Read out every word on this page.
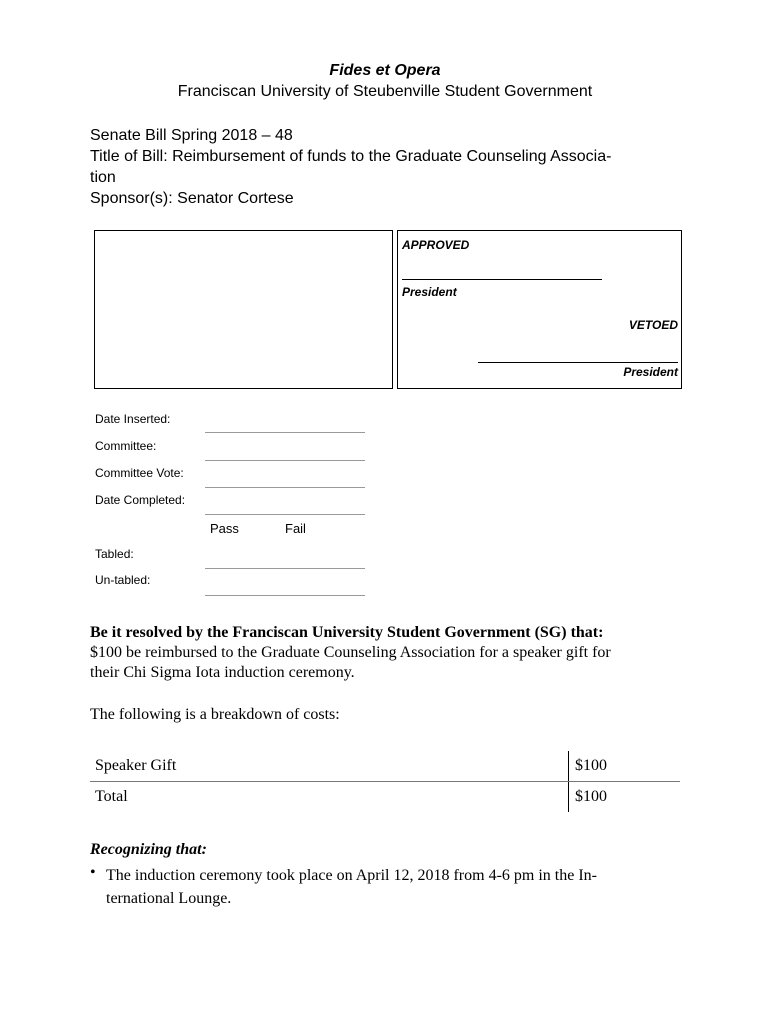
Fides et Opera
Franciscan University of Steubenville Student Government
Senate Bill Spring 2018 – 48
Title of Bill: Reimbursement of funds to the Graduate Counseling Associa-
tion
Sponsor(s): Senator Cortese
APPROVED
President
VETOED
President
Date Inserted:
Committee:
Committee Vote:
Date Completed:
Pass	Fail
Tabled:
Un-tabled:
Be it resolved by the Franciscan University Student Government (SG) that:
$100 be reimbursed to the Graduate Counseling Association for a speaker gift for
their Chi Sigma Iota induction ceremony.
The following is a breakdown of costs:
Speaker Gift	$100
Total	$100
Recognizing that:
• The induction ceremony took place on April 12, 2018 from 4-6 pm in the In-
ternational Lounge.
